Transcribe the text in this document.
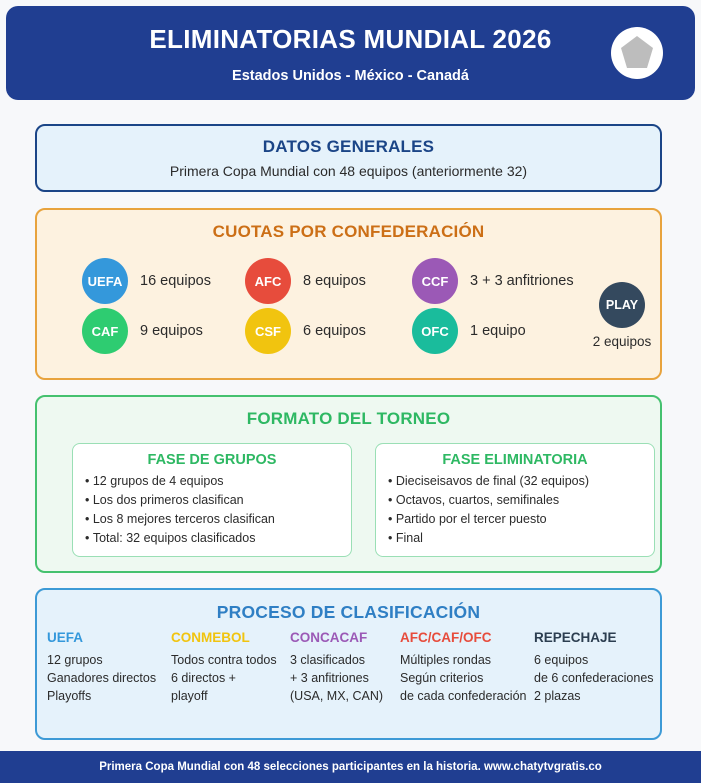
ELIMINATORIAS MUNDIAL 2026
Estados Unidos - México - Canadá
DATOS GENERALES
Primera Copa Mundial con 48 equipos (anteriormente 32)
CUOTAS POR CONFEDERACIÓN
UEFA	16 equipos
CAF	9 equipos
AFC	8 equipos
CSF	6 equipos
CCF	3 + 3 anfitriones
OFC	1 equipo
PLAY
2 equipos
FORMATO DEL TORNEO
FASE DE GRUPOS
• 12 grupos de 4 equipos
• Los dos primeros clasifican
• Los 8 mejores terceros clasifican
• Total: 32 equipos clasificados
FASE ELIMINATORIA
• Dieciseisavos de final (32 equipos)
• Octavos, cuartos, semifinales
• Partido por el tercer puesto
• Final
PROCESO DE CLASIFICACIÓN
UEFA
12 grupos
Ganadores directos
Playoffs
CONMEBOL
Todos contra todos
6 directos +
playoff
CONCACAF
3 clasificados
+ 3 anfitriones
(USA, MX, CAN)
AFC/CAF/OFC
Múltiples rondas
Según criterios
de cada confederación
REPECHAJE
6 equipos
de 6 confederaciones
2 plazas
Primera Copa Mundial con 48 selecciones participantes en la historia. www.chatytvgratis.co
